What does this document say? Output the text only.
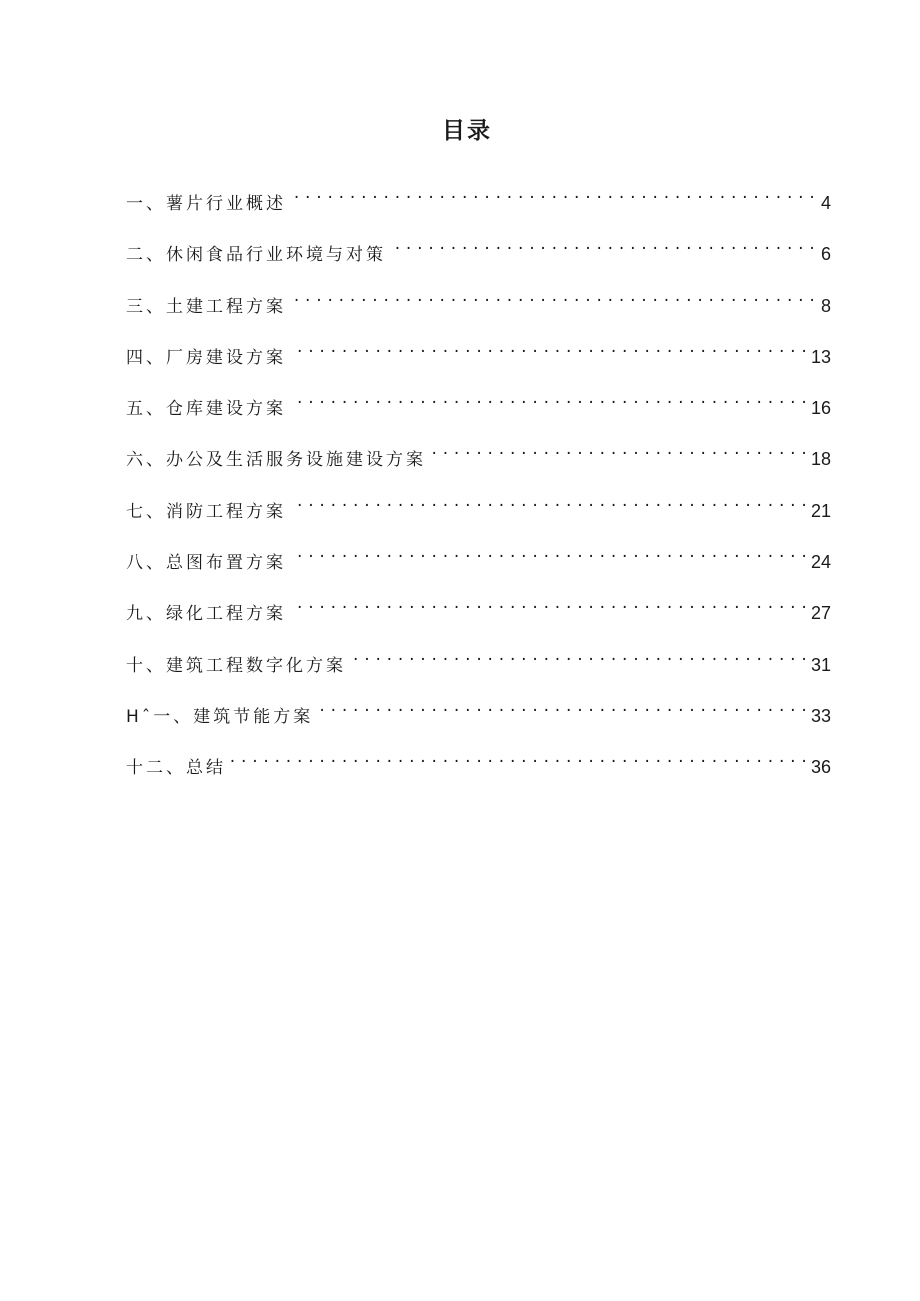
目录
一、薯片行业概述 . . .	4
二、休闲食品行业环境与对策 . . .	6
三、土建工程方案 . . .	8
四、厂房建设方案 . . .	13
五、仓库建设方案 . . .	16
六、办公及生活服务设施建设方案 . . .	18
七、消防工程方案 . . .	21
八、总图布置方案 . . .	24
九、绿化工程方案 . . .	27
十、建筑工程数字化方案 . . .	31
Hˆ一、建筑节能方案 . . .	33
十二、总结 . . .	36
